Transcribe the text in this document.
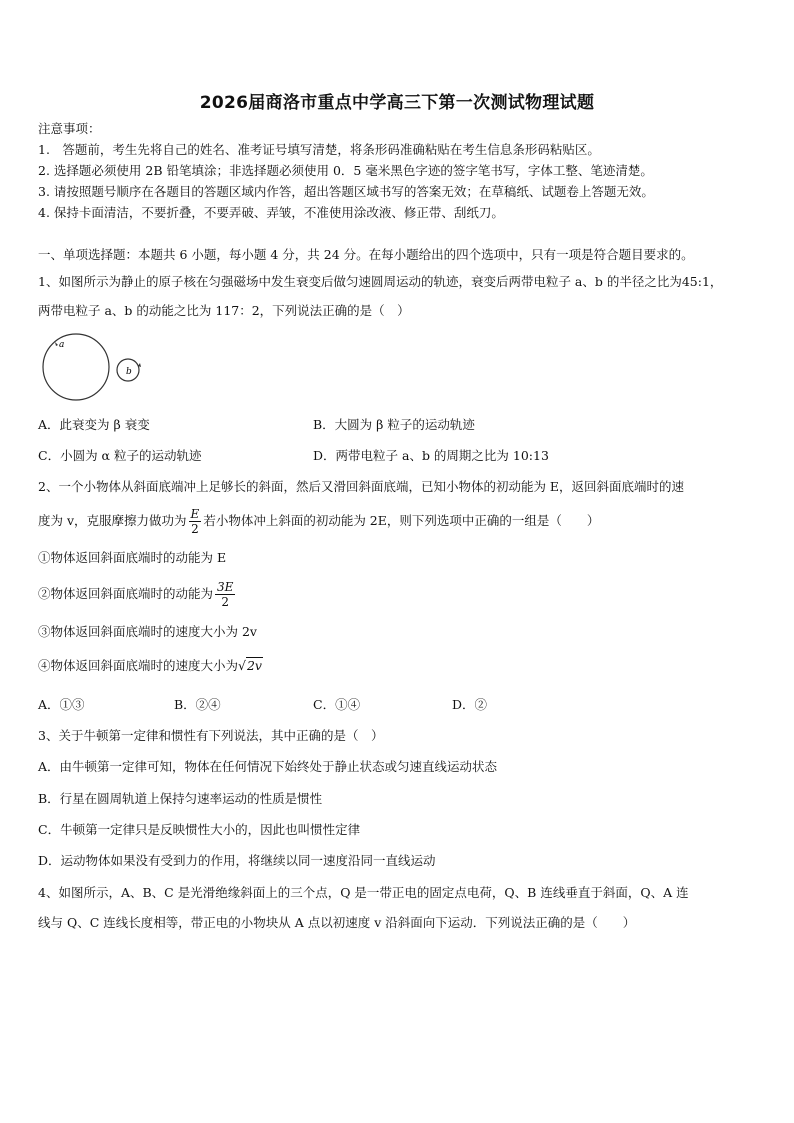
2026届商洛市重点中学高三下第一次测试物理试题
注意事项：
1.　答题前，考生先将自己的姓名、准考证号填写清楚，将条形码准确粘贴在考生信息条形码粘贴区。
2. 选择题必须使用 2B 铅笔填涂；非选择题必须使用 0．5 毫米黑色字迹的签字笔书写，字体工整、笔迹清楚。
3. 请按照题号顺序在各题目的答题区域内作答，超出答题区域书写的答案无效；在草稿纸、试题卷上答题无效。
4. 保持卡面清洁，不要折叠，不要弄破、弄皱，不准使用涂改液、修正带、刮纸刀。
一、单项选择题：本题共 6 小题，每小题 4 分，共 24 分。在每小题给出的四个选项中，只有一项是符合题目要求的。
1、如图所示为静止的原子核在匀强磁场中发生衰变后做匀速圆周运动的轨迹，衰变后两带电粒子 a、b 的半径之比为45:1，
两带电粒子 a、b 的动能之比为 117：2，下列说法正确的是（　）
a
b
A．此衰变为 β 衰变	B．大圆为 β 粒子的运动轨迹
C．小圆为 α 粒子的运动轨迹	D．两带电粒子 a、b 的周期之比为 10:13
2、一个小物体从斜面底端冲上足够长的斜面，然后又滑回斜面底端，已知小物体的初动能为 E，返回斜面底端时的速
度为 v，克服摩擦力做功为 $\frac{E}{2}$ 若小物体冲上斜面的初动能为 2E，则下列选项中正确的一组是（　　）
①物体返回斜面底端时的动能为 E
②物体返回斜面底端时的动能为 $\frac{3E}{2}$
③物体返回斜面底端时的速度大小为 2v
④物体返回斜面底端时的速度大小为√2v
A．①③	B．②④	C．①④	D．②
3、关于牛顿第一定律和惯性有下列说法，其中正确的是（　）
A．由牛顿第一定律可知，物体在任何情况下始终处于静止状态或匀速直线运动状态
B．行星在圆周轨道上保持匀速率运动的性质是惯性
C．牛顿第一定律只是反映惯性大小的，因此也叫惯性定律
D．运动物体如果没有受到力的作用，将继续以同一速度沿同一直线运动
4、如图所示，A、B、C 是光滑绝缘斜面上的三个点，Q 是一带正电的固定点电荷，Q、B 连线垂直于斜面，Q、A 连
线与 Q、C 连线长度相等，带正电的小物块从 A 点以初速度 v 沿斜面向下运动．下列说法正确的是（　　）
